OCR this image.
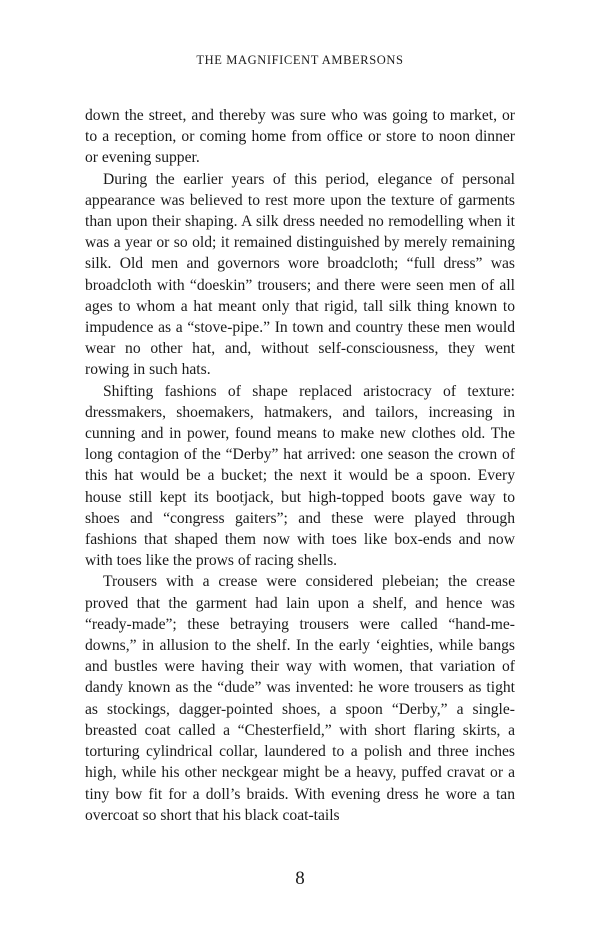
THE MAGNIFICENT AMBERSONS

down the street, and thereby was sure who was going to market, or to a reception, or coming home from office or store to noon dinner or evening supper.

During the earlier years of this period, elegance of personal appearance was believed to rest more upon the texture of garments than upon their shaping. A silk dress needed no remodelling when it was a year or so old; it remained distinguished by merely remaining silk. Old men and governors wore broadcloth; “full dress” was broadcloth with “doeskin” trousers; and there were seen men of all ages to whom a hat meant only that rigid, tall silk thing known to impudence as a “stove-pipe.” In town and country these men would wear no other hat, and, without self-consciousness, they went rowing in such hats.

Shifting fashions of shape replaced aristocracy of texture: dressmakers, shoemakers, hatmakers, and tailors, increasing in cunning and in power, found means to make new clothes old. The long contagion of the “Derby” hat arrived: one season the crown of this hat would be a bucket; the next it would be a spoon. Every house still kept its bootjack, but high-topped boots gave way to shoes and “congress gaiters”; and these were played through fashions that shaped them now with toes like box-ends and now with toes like the prows of racing shells.

Trousers with a crease were considered plebeian; the crease proved that the garment had lain upon a shelf, and hence was “ready-made”; these betraying trousers were called “hand-me-downs,” in allusion to the shelf. In the early ‘eighties, while bangs and bustles were having their way with women, that variation of dandy known as the “dude” was invented: he wore trousers as tight as stockings, dagger-pointed shoes, a spoon “Derby,” a single-breasted coat called a “Chesterfield,” with short flaring skirts, a torturing cylindrical collar, laundered to a polish and three inches high, while his other neckgear might be a heavy, puffed cravat or a tiny bow fit for a doll’s braids. With evening dress he wore a tan overcoat so short that his black coat-tails

8
